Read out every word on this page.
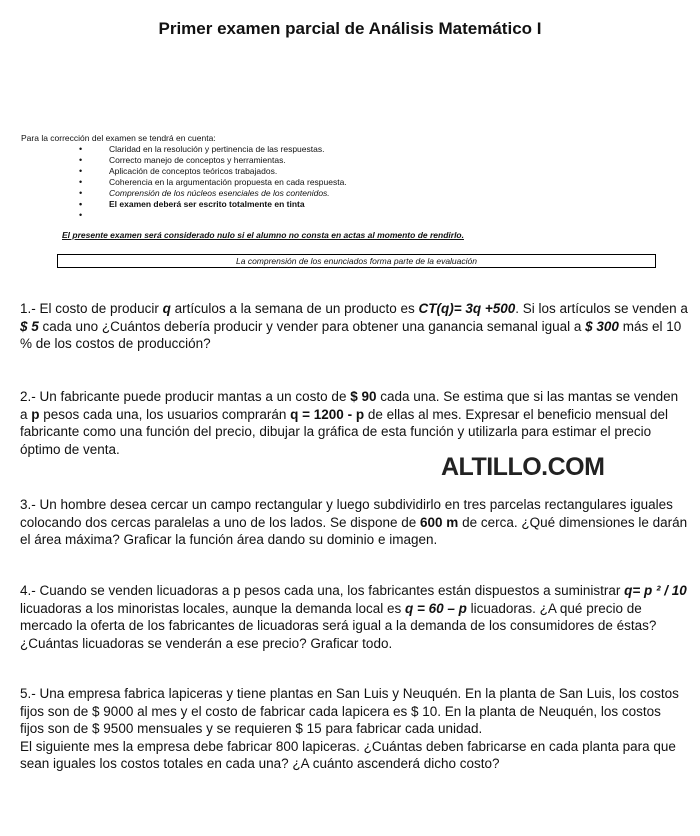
Primer examen parcial de Análisis Matemático I
Para la corrección del examen se tendrá en cuenta:
• Claridad en la resolución y pertinencia de las respuestas.
• Correcto manejo de conceptos y herramientas.
• Aplicación de conceptos teóricos trabajados.
• Coherencia en la argumentación propuesta en cada respuesta.
• Comprensión de los núcleos esenciales de los contenidos.
• El examen deberá ser escrito totalmente en tinta
•
El presente examen será considerado nulo si el alumno no consta en actas al momento de rendirlo.
La comprensión de los enunciados forma parte de la evaluación
1.- El costo de producir q artículos a la semana de un producto es CT(q)= 3q +500. Si los artículos se venden a $ 5 cada uno ¿Cuántos debería producir y vender para obtener una ganancia semanal igual a $ 300 más el 10 % de los costos de producción?
2.- Un fabricante puede producir mantas a un costo de $ 90 cada una. Se estima que si las mantas se venden a p pesos cada una, los usuarios comprarán q = 1200 - p de ellas al mes. Expresar el beneficio mensual del fabricante como una función del precio, dibujar la gráfica de esta función y utilizarla para estimar el precio óptimo de venta.
ALTILLO.COM
3.- Un hombre desea cercar un campo rectangular y luego subdividirlo en tres parcelas rectangulares iguales colocando dos cercas paralelas a uno de los lados. Se dispone de 600 m de cerca. ¿Qué dimensiones le darán el área máxima? Graficar la función área dando su dominio e imagen.
4.- Cuando se venden licuadoras a p pesos cada una, los fabricantes están dispuestos a suministrar q= p ² / 10 licuadoras a los minoristas locales, aunque la demanda local es q = 60 – p licuadoras. ¿A qué precio de mercado la oferta de los fabricantes de licuadoras será igual a la demanda de los consumidores de éstas? ¿Cuántas licuadoras se venderán a ese precio? Graficar todo.
5.- Una empresa fabrica lapiceras y tiene plantas en San Luis y Neuquén. En la planta de San Luis, los costos fijos son de $ 9000 al mes y el costo de fabricar cada lapicera es $ 10. En la planta de Neuquén, los costos fijos son de $ 9500 mensuales y se requieren $ 15 para fabricar cada unidad.
El siguiente mes la empresa debe fabricar 800 lapiceras. ¿Cuántas deben fabricarse en cada planta para que sean iguales los costos totales en cada una? ¿A cuánto ascenderá dicho costo?
